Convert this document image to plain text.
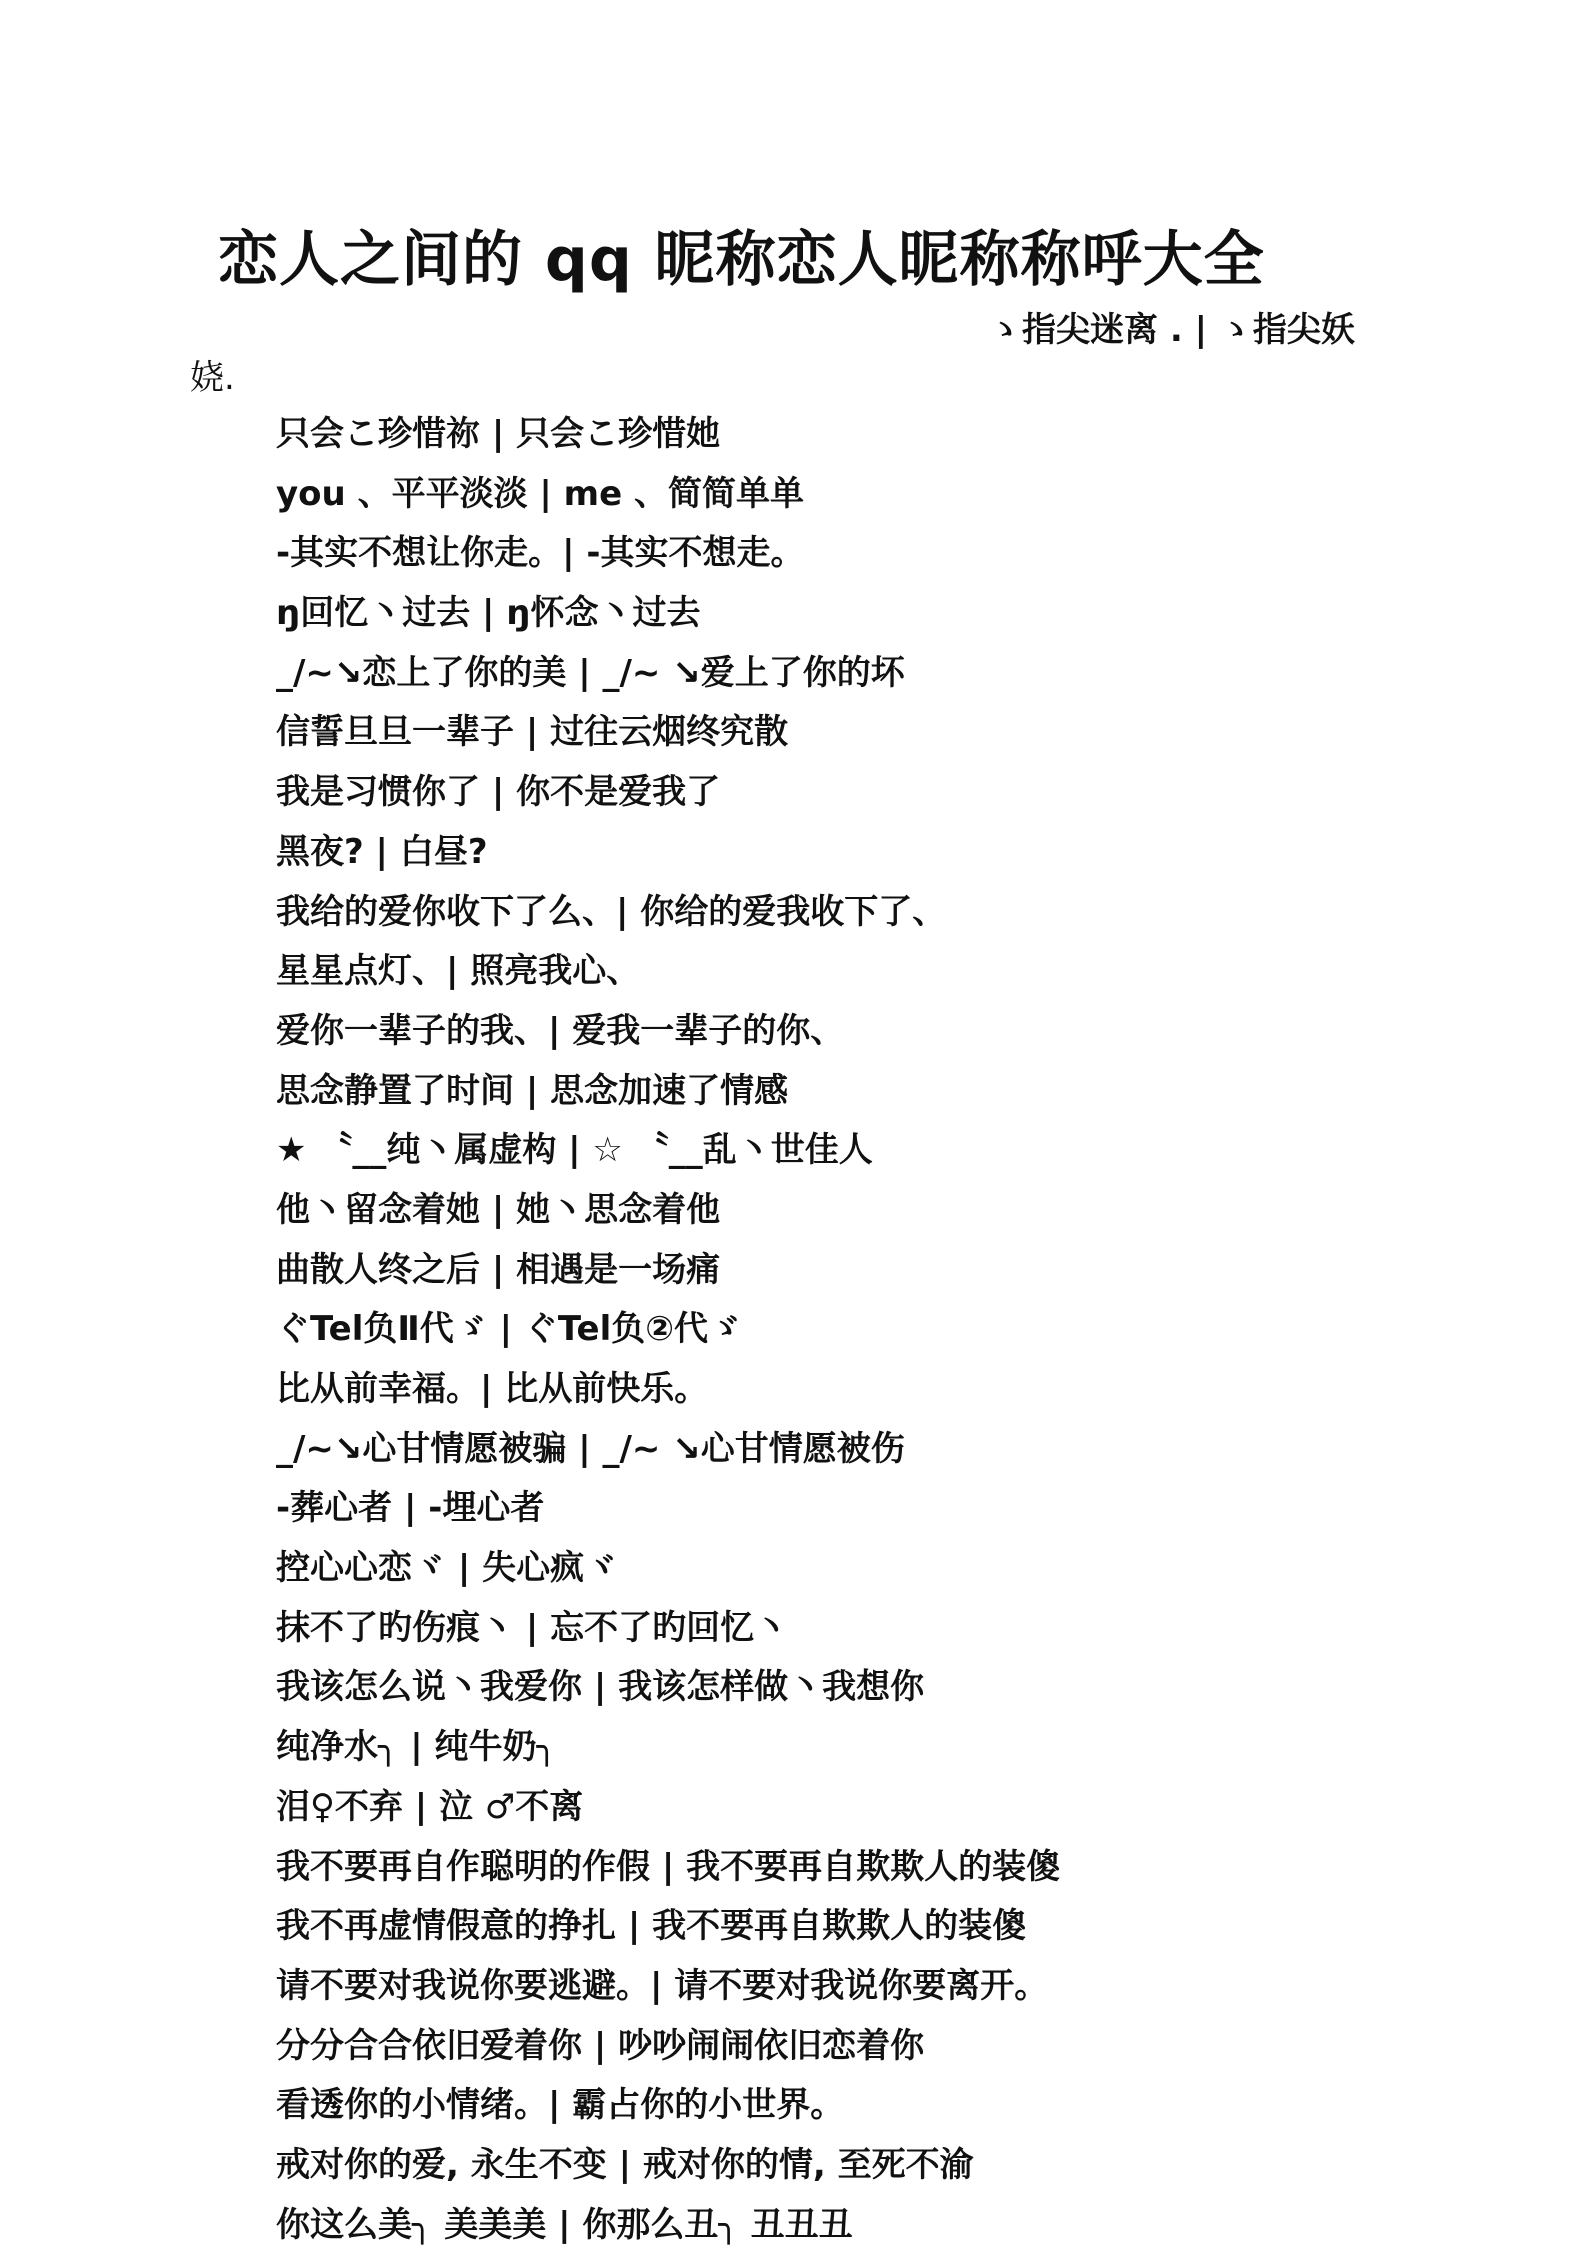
恋人之间的 qq 昵称恋人昵称称呼大全
ゝ指尖迷离 . | ゝ指尖妖
娆.
只会こ珍惜祢 | 只会こ珍惜她
you 、平平淡淡 | me 、简简单单
-其实不想让你走。| -其实不想走。
ŋ回忆丶过去 | ŋ怀念丶过去
_/~↘恋上了你的美 | _/~ ↘爱上了你的坏
信誓旦旦一辈子 | 过往云烟终究散
我是习惯你了 | 你不是爱我了
黑夜? | 白昼?
我给的爱你收下了么、| 你给的爱我收下了、
星星点灯、| 照亮我心、
爱你一辈子的我、| 爱我一辈子的你、
思念静置了时间 | 思念加速了情感
★ 〝__纯丶属虚构 | ☆ 〝__乱丶世佳人
他丶留念着她 | 她丶思念着他
曲散人终之后 | 相遇是一场痛
ぐTel负Ⅱ代ゞ | ぐTel负②代ゞ
比从前幸福。| 比从前快乐。
_/~↘心甘情愿被骗 | _/~ ↘心甘情愿被伤
-葬心者 | -埋心者
控心心恋ヾ | 失心疯ヾ
抹不了旳伤痕丶 | 忘不了旳回忆丶
我该怎么说丶我爱你 | 我该怎样做丶我想你
纯净水╮ | 纯牛奶╮
泪♀不弃 | 泣 ♂不离
我不要再自作聪明的作假 | 我不要再自欺欺人的装傻
我不再虚情假意的挣扎 | 我不要再自欺欺人的装傻
请不要对我说你要逃避。| 请不要对我说你要离开。
分分合合依旧爱着你 | 吵吵闹闹依旧恋着你
看透你的小情绪。| 霸占你的小世界。
戒对你的爱, 永生不变 | 戒对你的情, 至死不渝
你这么美╮ 美美美 | 你那么丑╮ 丑丑丑
